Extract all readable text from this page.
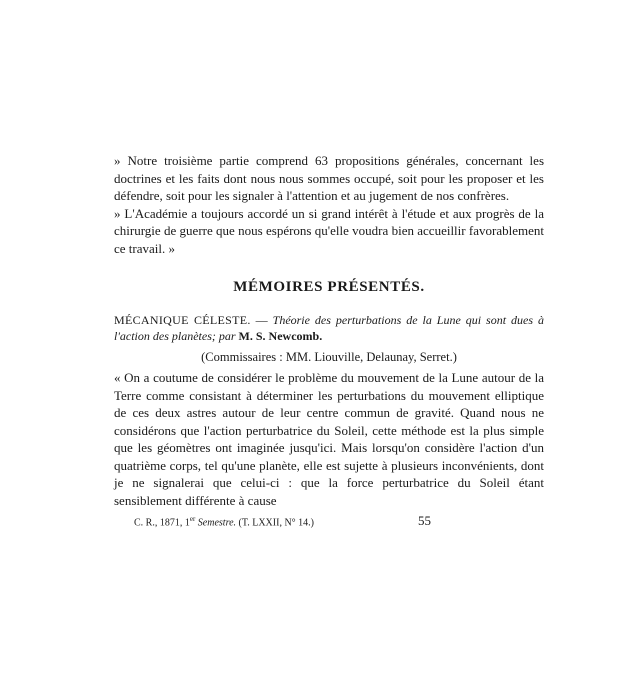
» Notre troisième partie comprend 63 propositions générales, concernant les doctrines et les faits dont nous nous sommes occupé, soit pour les proposer et les défendre, soit pour les signaler à l'attention et au jugement de nos confrères.

» L'Académie a toujours accordé un si grand intérêt à l'étude et aux progrès de la chirurgie de guerre que nous espérons qu'elle voudra bien accueillir favorablement ce travail. »

MÉMOIRES PRÉSENTÉS.

MÉCANIQUE CÉLESTE. — Théorie des perturbations de la Lune qui sont dues à l'action des planètes; par M. S. Newcomb.

(Commissaires : MM. Liouville, Delaunay, Serret.)

« On a coutume de considérer le problème du mouvement de la Lune autour de la Terre comme consistant à déterminer les perturbations du mouvement elliptique de ces deux astres autour de leur centre commun de gravité. Quand nous ne considérons que l'action perturbatrice du Soleil, cette méthode est la plus simple que les géomètres ont imaginée jusqu'ici. Mais lorsqu'on considère l'action d'un quatrième corps, tel qu'une planète, elle est sujette à plusieurs inconvénients, dont je ne signalerai que celui-ci : que la force perturbatrice du Soleil étant sensiblement différente à cause

C. R., 1871, 1er Semestre. (T. LXXII, N° 14.)	55
